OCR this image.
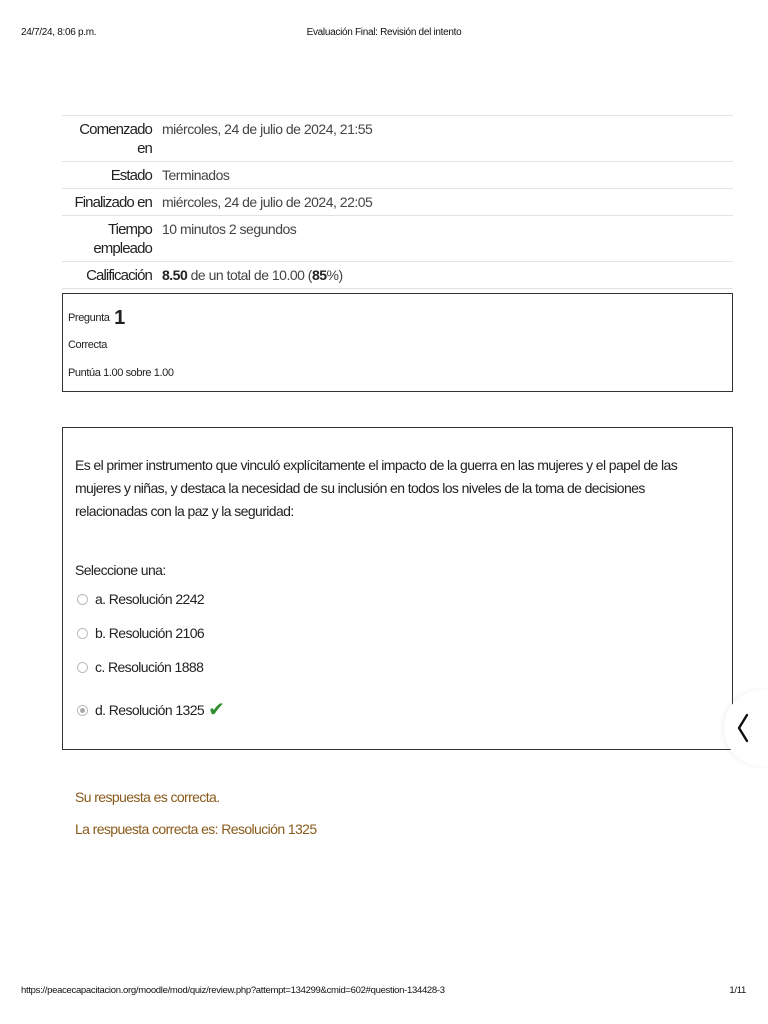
24/7/24, 8:06 p.m.	Evaluación Final: Revisión del intento
Comenzado en	miércoles, 24 de julio de 2024, 21:55
Estado	Terminados
Finalizado en	miércoles, 24 de julio de 2024, 22:05
Tiempo empleado	10 minutos 2 segundos
Calificación	8.50 de un total de 10.00 (85%)
Pregunta 1
Correcta
Puntúa 1.00 sobre 1.00
Es el primer instrumento que vinculó explícitamente el impacto de la guerra en las mujeres y el papel de las mujeres y niñas, y destaca la necesidad de su inclusión en todos los niveles de la toma de decisiones relacionadas con la paz y la seguridad:
Seleccione una:
a. Resolución 2242
b. Resolución 2106
c. Resolución 1888
d. Resolución 1325 ✔
Su respuesta es correcta.
La respuesta correcta es: Resolución 1325
https://peacecapacitacion.org/moodle/mod/quiz/review.php?attempt=134299&cmid=602#question-134428-3	1/11
